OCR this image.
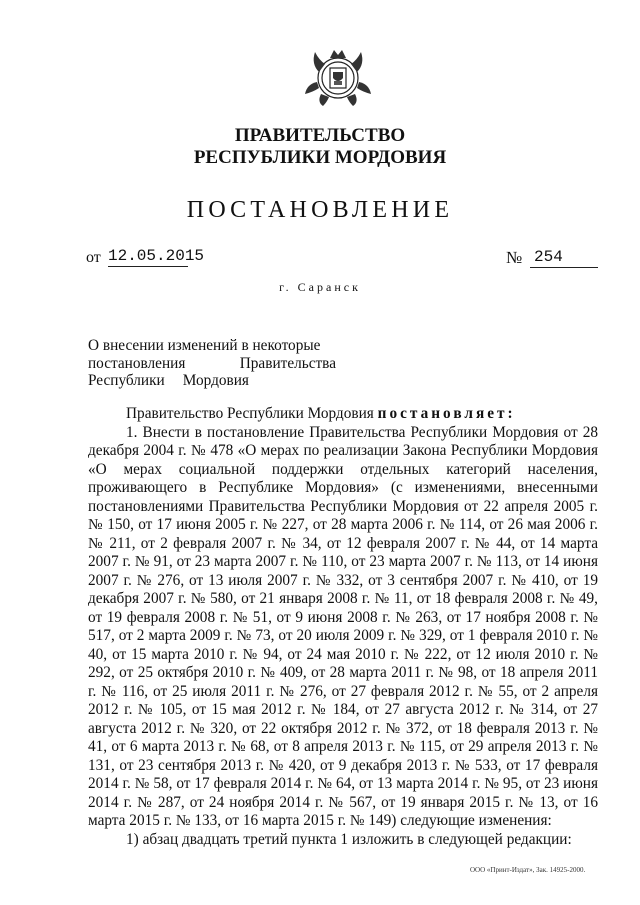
ПРАВИТЕЛЬСТВО
РЕСПУБЛИКИ МОРДОВИЯ
ПОСТАНОВЛЕНИЕ
от 12.05.2015	№ 254
г. Саранск
О внесении изменений в некоторые
постановления	Правительства
Республики Мордовия

Правительство Республики Мордовия постановляет:

1. Внести в постановление Правительства Республики Мордовия от 28 декабря 2004 г. № 478 «О мерах по реализации Закона Республики Мордовия «О мерах социальной поддержки отдельных категорий населения, проживающего в Республике Мордовия» (с изменениями, внесенными постановлениями Правительства Республики Мордовия от 22 апреля 2005 г. № 150, от 17 июня 2005 г. № 227, от 28 марта 2006 г. № 114, от 26 мая 2006 г. № 211, от 2 февраля 2007 г. № 34, от 12 февраля 2007 г. № 44, от 14 марта 2007 г. № 91, от 23 марта 2007 г. № 110, от 23 марта 2007 г. № 113, от 14 июня 2007 г. № 276, от 13 июля 2007 г. № 332, от 3 сентября 2007 г. № 410, от 19 декабря 2007 г. № 580, от 21 января 2008 г. № 11, от 18 февраля 2008 г. № 49, от 19 февраля 2008 г. № 51, от 9 июня 2008 г. № 263, от 17 ноября 2008 г. № 517, от 2 марта 2009 г. № 73, от 20 июля 2009 г. № 329, от 1 февраля 2010 г. № 40, от 15 марта 2010 г. № 94, от 24 мая 2010 г. № 222, от 12 июля 2010 г. № 292, от 25 октября 2010 г. № 409, от 28 марта 2011 г. № 98, от 18 апреля 2011 г. № 116, от 25 июля 2011 г. № 276, от 27 февраля 2012 г. № 55, от 2 апреля 2012 г. № 105, от 15 мая 2012 г. № 184, от 27 августа 2012 г. № 314, от 27 августа 2012 г. № 320, от 22 октября 2012 г. № 372, от 18 февраля 2013 г. № 41, от 6 марта 2013 г. № 68, от 8 апреля 2013 г. № 115, от 29 апреля 2013 г. № 131, от 23 сентября 2013 г. № 420, от 9 декабря 2013 г. № 533, от 17 февраля 2014 г. № 58, от 17 февраля 2014 г. № 64, от 13 марта 2014 г. № 95, от 23 июня 2014 г. № 287, от 24 ноября 2014 г. № 567, от 19 января 2015 г. № 13, от 16 марта 2015 г. № 133, от 16 марта 2015 г. № 149) следующие изменения:

1) абзац двадцать третий пункта 1 изложить в следующей редакции:

ООО «Принт-Издат», Зак. 14925-2000.
